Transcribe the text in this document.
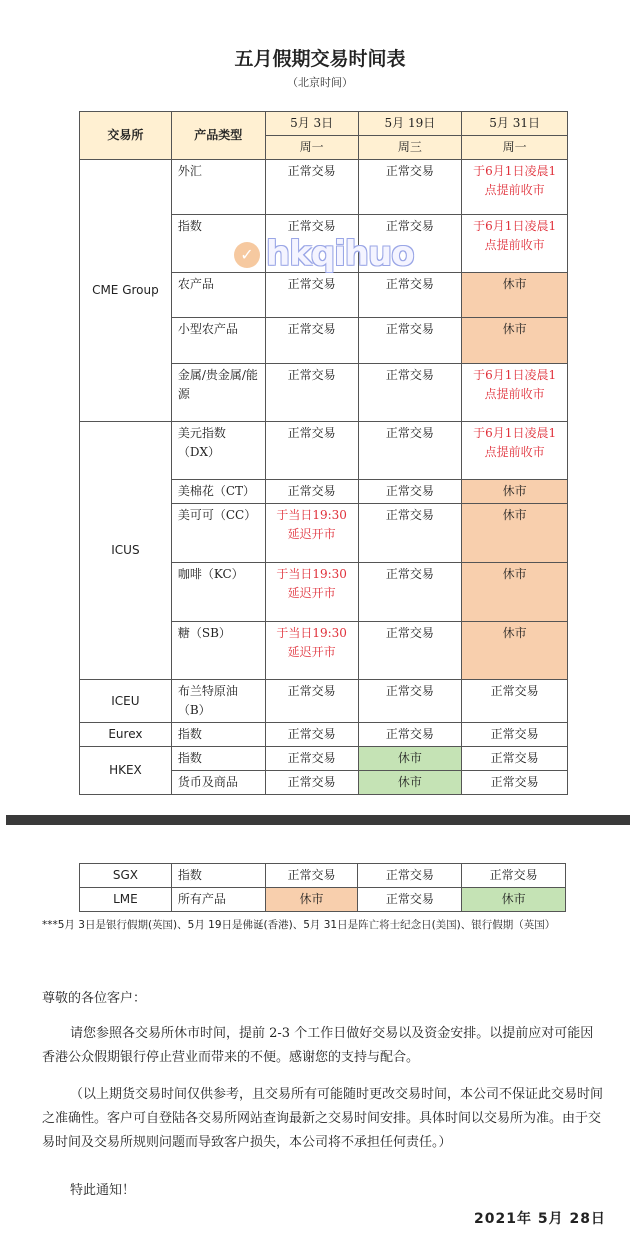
五月假期交易时间表
（北京时间）
交易所	产品类型	5月 3日	5月 19日	5月 31日
		周一	周三	周一
CME Group	外汇	正常交易	正常交易	于6月1日凌晨1点提前收市
	指数	正常交易	正常交易	于6月1日凌晨1点提前收市
	农产品	正常交易	正常交易	休市
	小型农产品	正常交易	正常交易	休市
	金属/贵金属/能源	正常交易	正常交易	于6月1日凌晨1点提前收市
ICUS	美元指数（DX）	正常交易	正常交易	于6月1日凌晨1点提前收市
	美棉花（CT）	正常交易	正常交易	休市
	美可可（CC）	于当日19:30延迟开市	正常交易	休市
	咖啡（KC）	于当日19:30延迟开市	正常交易	休市
	糖（SB）	于当日19:30延迟开市	正常交易	休市
ICEU	布兰特原油（B）	正常交易	正常交易	正常交易
Eurex	指数	正常交易	正常交易	正常交易
HKEX	指数	正常交易	休市	正常交易
	货币及商品	正常交易	休市	正常交易
✓ hkqihuo
SGX	指数	正常交易	正常交易	正常交易
LME	所有产品	休市	正常交易	休市
***5月 3日是银行假期(英国)、5月 19日是佛诞(香港)、5月 31日是阵亡将士纪念日(美国)、银行假期（英国）
尊敬的各位客户：
请您参照各交易所休市时间，提前 2-3 个工作日做好交易以及资金安排。以提前应对可能因香港公众假期银行停止营业而带来的不便。感谢您的支持与配合。
（以上期货交易时间仅供参考，且交易所有可能随时更改交易时间，本公司不保证此交易时间之准确性。客户可自登陆各交易所网站查询最新之交易时间安排。具体时间以交易所为准。由于交易时间及交易所规则问题而导致客户损失，本公司将不承担任何责任。）
特此通知！
2021年 5月 28日
